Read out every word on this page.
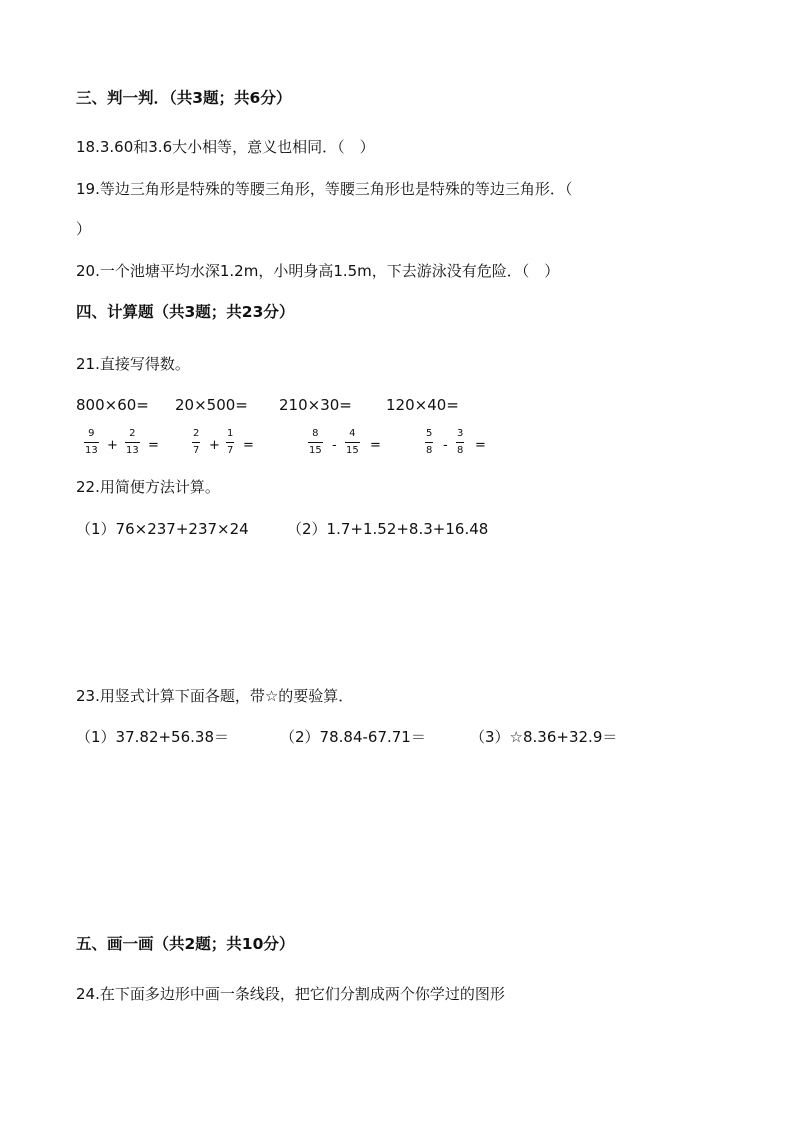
三、判一判．（共3题；共6分）
18.3.60和3.6大小相等，意义也相同．（　）
19.等边三角形是特殊的等腰三角形，等腰三角形也是特殊的等边三角形．（
）
20.一个池塘平均水深1.2m，小明身高1.5m，下去游泳没有危险．（　）
四、计算题（共3题；共23分）
21.直接写得数。
800×60= 20×500= 210×30= 120×40=
9
13 +
2
13 =
2
7 +
1
7 =
8
15 -
4
15 =
5
8 -
3
8 =
22.用简便方法计算。
（1）76×237+237×24	（2）1.7+1.52+8.3+16.48
23.用竖式计算下面各题，带☆的要验算．
（1）37.82+56.38＝	（2）78.84-67.71＝	（3）☆8.36+32.9＝
五、画一画（共2题；共10分）
24.在下面多边形中画一条线段，把它们分割成两个你学过的图形
